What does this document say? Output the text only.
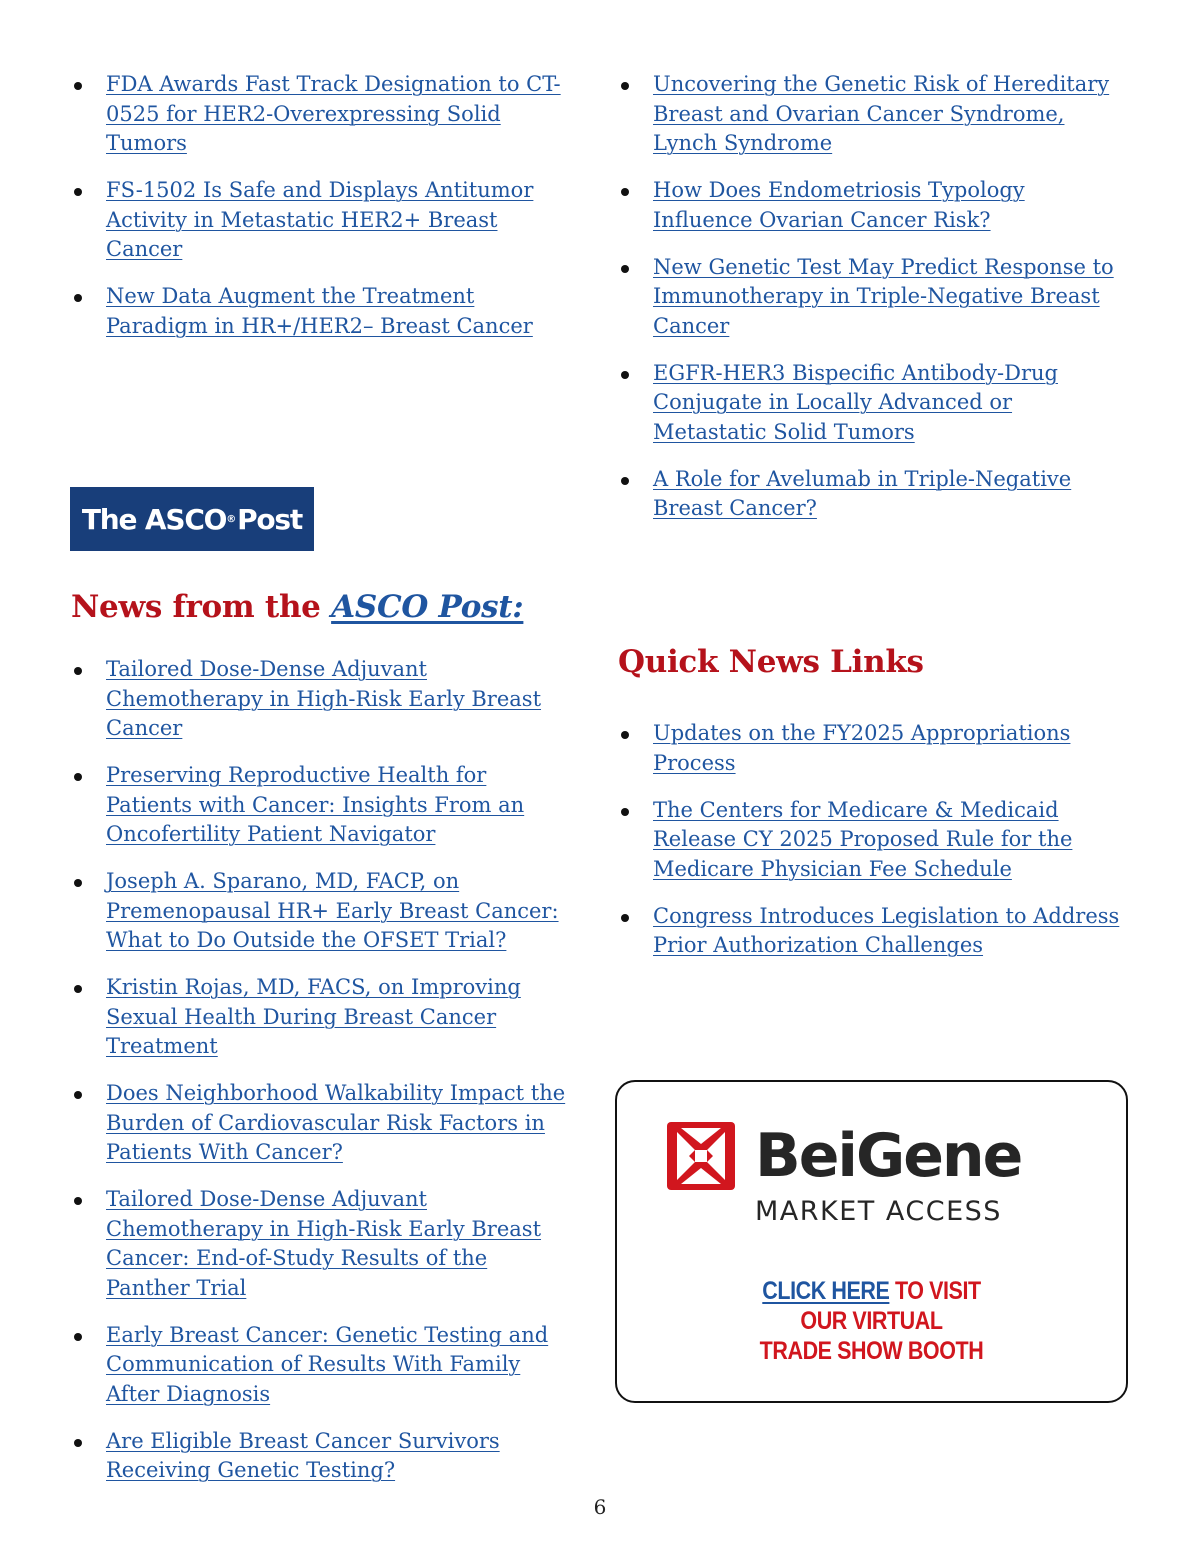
FDA Awards Fast Track Designation to CT-0525 for HER2-Overexpressing Solid Tumors
FS-1502 Is Safe and Displays Antitumor Activity in Metastatic HER2+ Breast Cancer
New Data Augment the Treatment Paradigm in HR+/HER2– Breast Cancer
Uncovering the Genetic Risk of Hereditary Breast and Ovarian Cancer Syndrome, Lynch Syndrome
How Does Endometriosis Typology Influence Ovarian Cancer Risk?
New Genetic Test May Predict Response to Immunotherapy in Triple-Negative Breast Cancer
EGFR-HER3 Bispecific Antibody-Drug Conjugate in Locally Advanced or Metastatic Solid Tumors
A Role for Avelumab in Triple-Negative Breast Cancer?
The ASCO ® Post
News from the ASCO Post:
Tailored Dose-Dense Adjuvant Chemotherapy in High-Risk Early Breast Cancer
Preserving Reproductive Health for Patients with Cancer: Insights From an Oncofertility Patient Navigator
Joseph A. Sparano, MD, FACP, on Premenopausal HR+ Early Breast Cancer: What to Do Outside the OFSET Trial?
Kristin Rojas, MD, FACS, on Improving Sexual Health During Breast Cancer Treatment
Does Neighborhood Walkability Impact the Burden of Cardiovascular Risk Factors in Patients With Cancer?
Tailored Dose-Dense Adjuvant Chemotherapy in High-Risk Early Breast Cancer: End-of-Study Results of the Panther Trial
Early Breast Cancer: Genetic Testing and Communication of Results With Family After Diagnosis
Are Eligible Breast Cancer Survivors Receiving Genetic Testing?
Quick News Links
Updates on the FY2025 Appropriations Process
The Centers for Medicare & Medicaid Release CY 2025 Proposed Rule for the Medicare Physician Fee Schedule
Congress Introduces Legislation to Address Prior Authorization Challenges
BeiGene
MARKET ACCESS
CLICK HERE TO VISIT
OUR VIRTUAL
TRADE SHOW BOOTH
6
